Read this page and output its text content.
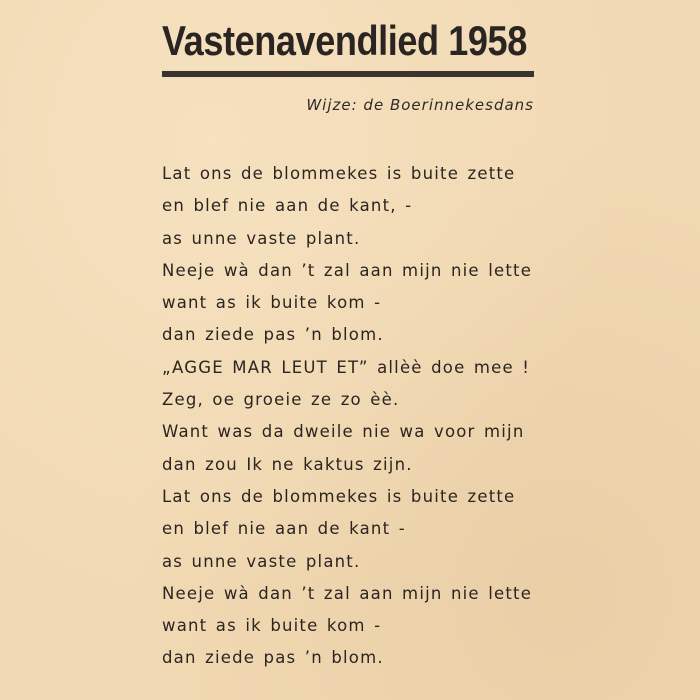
Vastenavendlied 1958
Wijze: de Boerinnekesdans
Lat ons de blommekes is buite zette
en blef nie aan de kant, -
as unne vaste plant.
Neeje wà dan ’t zal aan mijn nie lette
want as ik buite kom -
dan ziede pas ’n blom.
„AGGE MAR LEUT ET” allèè doe mee !
Zeg, oe groeie ze zo èè.
Want was da dweile nie wa voor mijn
dan zou Ik ne kaktus zijn.
Lat ons de blommekes is buite zette
en blef nie aan de kant -
as unne vaste plant.
Neeje wà dan ’t zal aan mijn nie lette
want as ik buite kom -
dan ziede pas ’n blom.
